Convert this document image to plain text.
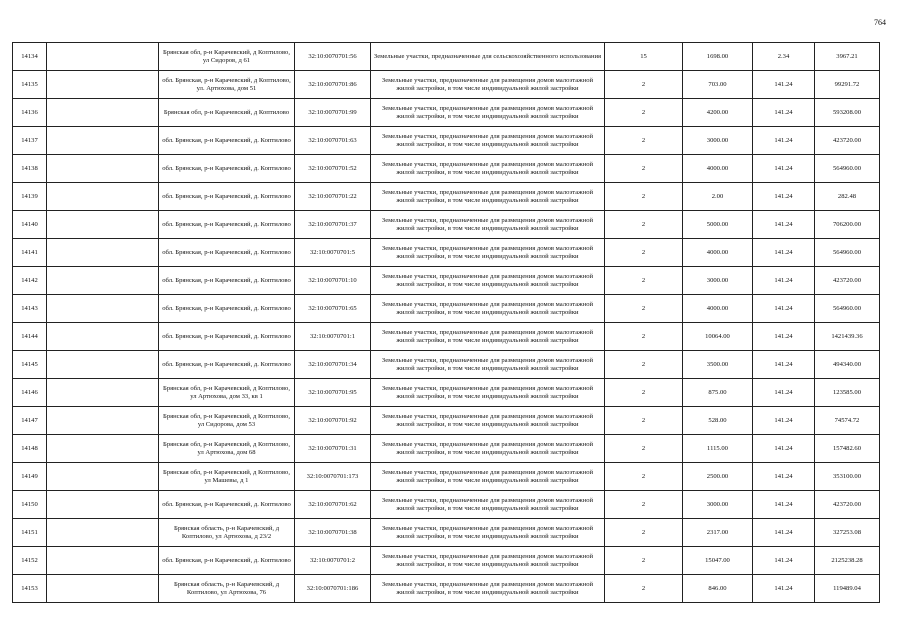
764
14134		Брянская обл, р-н Карачевский, д Коптилово, ул Сидоров, д 61	32:10:0070701:56	Земельные участки, предназначенные для сельскохозяйственного использования	15	1698.00	2.34	3967.21
14135		обл. Брянская, р-н Карачевский, д Коптилово, ул. Артюхова, дом 51	32:10:0070701:86	Земельные участки, предназначенные для размещения домов малоэтажной жилой застройки, в том числе индивидуальной жилой застройки	2	703.00	141.24	99291.72
14136		Брянская обл, р-н Карачевский, д Коптилово	32:10:0070701:99	Земельные участки, предназначенные для размещения домов малоэтажной жилой застройки, в том числе индивидуальной жилой застройки	2	4200.00	141.24	593208.00
14137		обл. Брянская, р-н Карачевский, д. Коптилово	32:10:0070701:63	Земельные участки, предназначенные для размещения домов малоэтажной жилой застройки, в том числе индивидуальной жилой застройки	2	3000.00	141.24	423720.00
14138		обл. Брянская, р-н Карачевский, д. Коптилово	32:10:0070701:52	Земельные участки, предназначенные для размещения домов малоэтажной жилой застройки, в том числе индивидуальной жилой застройки	2	4000.00	141.24	564960.00
14139		обл. Брянская, р-н Карачевский, д. Коптилово	32:10:0070701:22	Земельные участки, предназначенные для размещения домов малоэтажной жилой застройки, в том числе индивидуальной жилой застройки	2	2.00	141.24	282.48
14140		обл. Брянская, р-н Карачевский, д. Коптилово	32:10:0070701:37	Земельные участки, предназначенные для размещения домов малоэтажной жилой застройки, в том числе индивидуальной жилой застройки	2	5000.00	141.24	706200.00
14141		обл. Брянская, р-н Карачевский, д. Коптилово	32:10:0070701:5	Земельные участки, предназначенные для размещения домов малоэтажной жилой застройки, в том числе индивидуальной жилой застройки	2	4000.00	141.24	564960.00
14142		обл. Брянская, р-н Карачевский, д. Коптилово	32:10:0070701:10	Земельные участки, предназначенные для размещения домов малоэтажной жилой застройки, в том числе индивидуальной жилой застройки	2	3000.00	141.24	423720.00
14143		обл. Брянская, р-н Карачевский, д. Коптилово	32:10:0070701:65	Земельные участки, предназначенные для размещения домов малоэтажной жилой застройки, в том числе индивидуальной жилой застройки	2	4000.00	141.24	564960.00
14144		обл. Брянская, р-н Карачевский, д. Коптилово	32:10:0070701:1	Земельные участки, предназначенные для размещения домов малоэтажной жилой застройки, в том числе индивидуальной жилой застройки	2	10064.00	141.24	1421439.36
14145		обл. Брянская, р-н Карачевский, д. Коптилово	32:10:0070701:34	Земельные участки, предназначенные для размещения домов малоэтажной жилой застройки, в том числе индивидуальной жилой застройки	2	3500.00	141.24	494340.00
14146		Брянская обл, р-н Карачевский, д Коптилово, ул Артюхова, дом 33, кв 1	32:10:0070701:95	Земельные участки, предназначенные для размещения домов малоэтажной жилой застройки, в том числе индивидуальной жилой застройки	2	875.00	141.24	123585.00
14147		Брянская обл, р-н Карачевский, д Коптилово, ул Сидорова, дом 53	32:10:0070701:92	Земельные участки, предназначенные для размещения домов малоэтажной жилой застройки, в том числе индивидуальной жилой застройки	2	528.00	141.24	74574.72
14148		Брянская обл, р-н Карачевский, д Коптилово, ул Артюхова, дом 68	32:10:0070701:31	Земельные участки, предназначенные для размещения домов малоэтажной жилой застройки, в том числе индивидуальной жилой застройки	2	1115.00	141.24	157482.60
14149		Брянская обл, р-н Карачевский, д Коптилово, ул Машевы, д 1	32:10:0070701:173	Земельные участки, предназначенные для размещения домов малоэтажной жилой застройки, в том числе индивидуальной жилой застройки	2	2500.00	141.24	353100.00
14150		обл. Брянская, р-н Карачевский, д. Коптилово	32:10:0070701:62	Земельные участки, предназначенные для размещения домов малоэтажной жилой застройки, в том числе индивидуальной жилой застройки	2	3000.00	141.24	423720.00
14151		Брянская область, р-н Карачевский, д Коптилово, ул Артюхова, д 23/2	32:10:0070701:38	Земельные участки, предназначенные для размещения домов малоэтажной жилой застройки, в том числе индивидуальной жилой застройки	2	2317.00	141.24	327253.08
14152		обл. Брянская, р-н Карачевский, д. Коптилово	32:10:0070701:2	Земельные участки, предназначенные для размещения домов малоэтажной жилой застройки, в том числе индивидуальной жилой застройки	2	15047.00	141.24	2125238.28
14153		Брянская область, р-н Карачевский, д Коптилово, ул Артюхова, 76	32:10:0070701:186	Земельные участки, предназначенные для размещения домов малоэтажной жилой застройки, в том числе индивидуальной жилой застройки	2	846.00	141.24	119489.04
